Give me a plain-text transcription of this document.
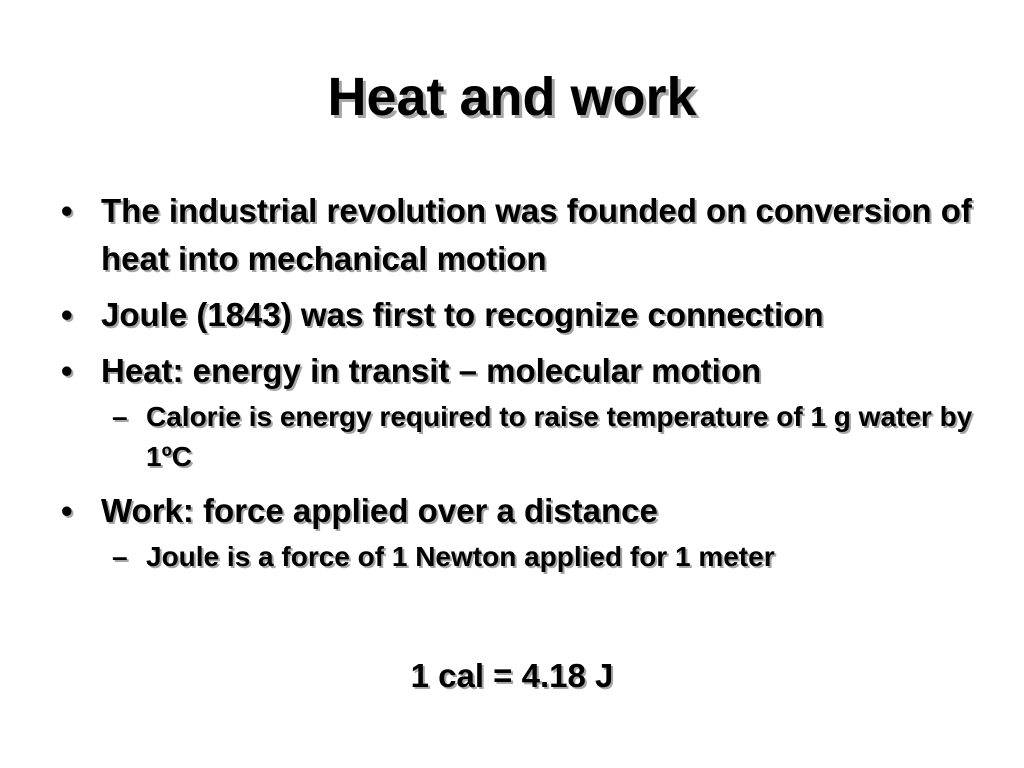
Heat and work
• The industrial revolution was founded on conversion of heat into mechanical motion
• Joule (1843) was first to recognize connection
• Heat: energy in transit – molecular motion
– Calorie is energy required to raise temperature of 1 g water by 1ºC
• Work: force applied over a distance
– Joule is a force of 1 Newton applied for 1 meter
1 cal = 4.18 J
